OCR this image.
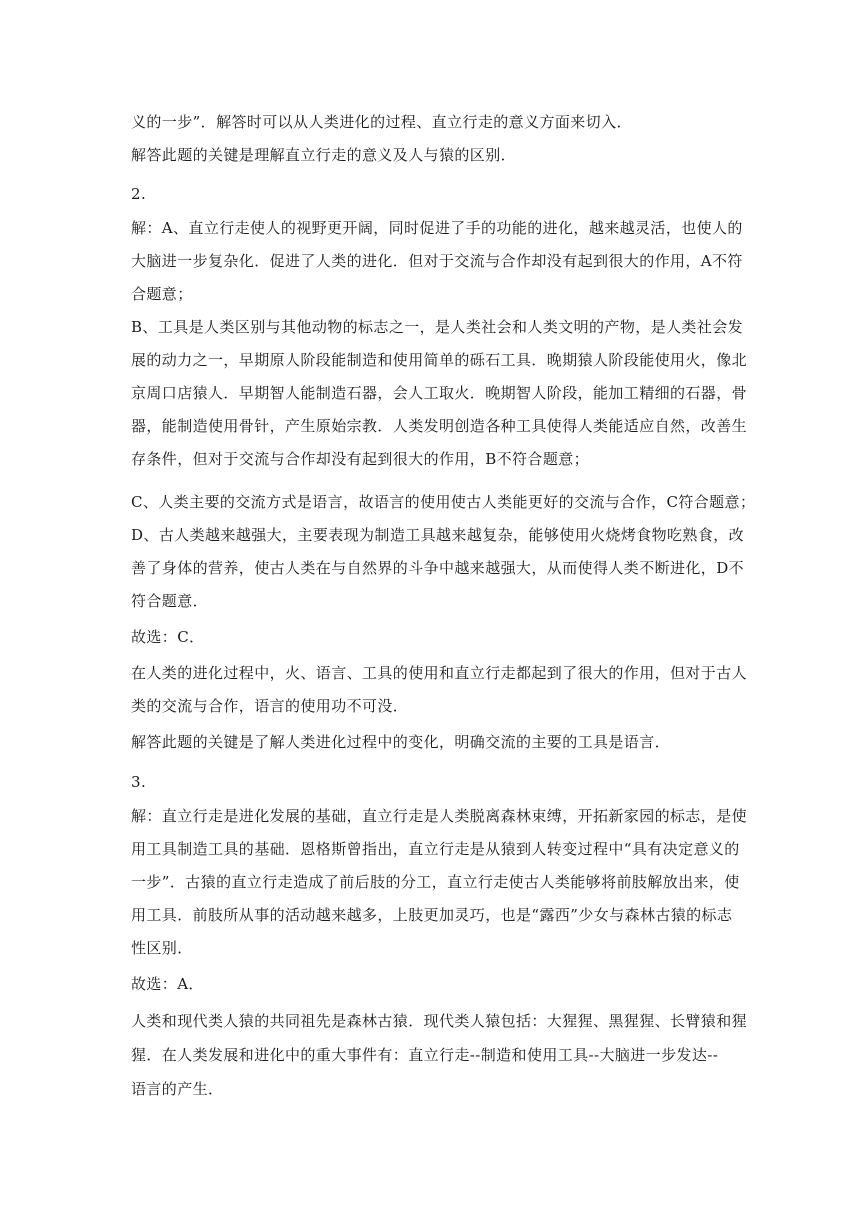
义的一步”．解答时可以从人类进化的过程、直立行走的意义方面来切入．
解答此题的关键是理解直立行走的意义及人与猿的区别．
2.
解：A、直立行走使人的视野更开阔，同时促进了手的功能的进化，越来越灵活，也使人的
大脑进一步复杂化．促进了人类的进化．但对于交流与合作却没有起到很大的作用，A不符
合题意；
B、工具是人类区别与其他动物的标志之一，是人类社会和人类文明的产物，是人类社会发
展的动力之一，早期原人阶段能制造和使用简单的砾石工具．晚期猿人阶段能使用火，像北
京周口店猿人．早期智人能制造石器，会人工取火．晚期智人阶段，能加工精细的石器，骨
器，能制造使用骨针，产生原始宗教．人类发明创造各种工具使得人类能适应自然，改善生
存条件，但对于交流与合作却没有起到很大的作用，B不符合题意；
C、人类主要的交流方式是语言，故语言的使用使古人类能更好的交流与合作，C符合题意；
D、古人类越来越强大，主要表现为制造工具越来越复杂，能够使用火烧烤食物吃熟食，改
善了身体的营养，使古人类在与自然界的斗争中越来越强大，从而使得人类不断进化，D不
符合题意．
故选：C．
在人类的进化过程中，火、语言、工具的使用和直立行走都起到了很大的作用，但对于古人
类的交流与合作，语言的使用功不可没．
解答此题的关键是了解人类进化过程中的变化，明确交流的主要的工具是语言．
3.
解：直立行走是进化发展的基础，直立行走是人类脱离森林束缚，开拓新家园的标志，是使
用工具制造工具的基础．恩格斯曾指出，直立行走是从猿到人转变过程中“具有决定意义的
一步”．古猿的直立行走造成了前后肢的分工，直立行走使古人类能够将前肢解放出来，使
用工具．前肢所从事的活动越来越多，上肢更加灵巧，也是“露西”少女与森林古猿的标志
性区别．
故选：A．
人类和现代类人猿的共同祖先是森林古猿．现代类人猿包括：大猩猩、黑猩猩、长臂猿和猩
猩．在人类发展和进化中的重大事件有：直立行走--制造和使用工具--大脑进一步发达--
语言的产生．
